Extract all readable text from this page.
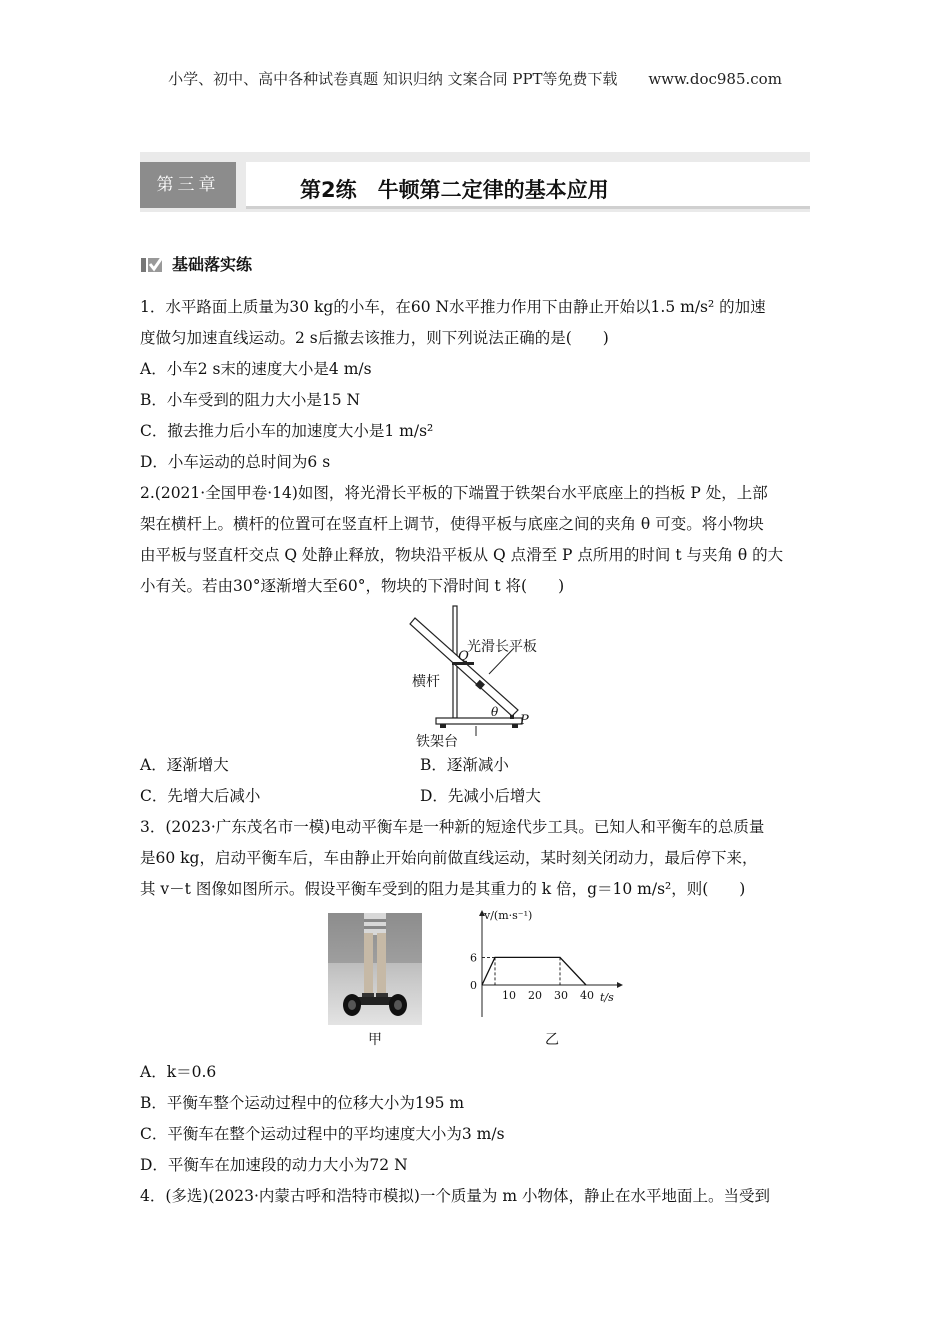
小学、初中、高中各种试卷真题 知识归纳 文案合同 PPT等免费下载 www.doc985.com
第三章	第2练　牛顿第二定律的基本应用
基础落实练

1．水平路面上质量为30 kg的小车，在60 N水平推力作用下由静止开始以1.5 m/s² 的加速

度做匀加速直线运动。2 s后撤去该推力，则下列说法正确的是(　　)

A．小车2 s末的速度大小是4 m/s

B．小车受到的阻力大小是15 N

C．撤去推力后小车的加速度大小是1 m/s²

D．小车运动的总时间为6 s

2.(2021·全国甲卷·14)如图，将光滑长平板的下端置于铁架台水平底座上的挡板 P 处，上部

架在横杆上。横杆的位置可在竖直杆上调节，使得平板与底座之间的夹角 θ 可变。将小物块

由平板与竖直杆交点 Q 处静止释放，物块沿平板从 Q 点滑至 P 点所用的时间 t 与夹角 θ 的大

小有关。若由30°逐渐增大至60°，物块的下滑时间 t 将(　　)

光滑长平板
Q
横杆
θ
P
铁架台
A．逐渐增大	B．逐渐减小
C．先增大后减小	D．先减小后增大

3．(2023·广东茂名市一模)电动平衡车是一种新的短途代步工具。已知人和平衡车的总质量

是60 kg，启动平衡车后，车由静止开始向前做直线运动，某时刻关闭动力，最后停下来，

其 v－t 图像如图所示。假设平衡车受到的阻力是其重力的 k 倍，g＝10 m/s²，则(　　)

甲
v/(m·s⁻¹)
t/s
10 20 30 40
6
0
乙

A．k＝0.6

B．平衡车整个运动过程中的位移大小为195 m

C．平衡车在整个运动过程中的平均速度大小为3 m/s

D．平衡车在加速段的动力大小为72 N

4．(多选)(2023·内蒙古呼和浩特市模拟)一个质量为 m 小物体，静止在水平地面上。当受到
